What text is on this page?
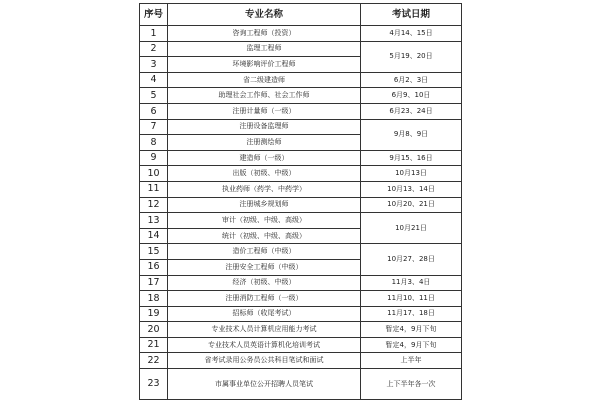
序号	专业名称	考试日期
1	咨询工程师（投资）	4月14、15日
2	监理工程师	5月19、20日
3	环境影响评价工程师	
4	省二级建造师	6月2、3日
5	助理社会工作师、社会工作师	6月9、10日
6	注册计量师（一级）	6月23、24日
7	注册设备监理师	9月8、9日
8	注册测绘师	
9	建造师（一级）	9月15、16日
10	出版（初级、中级）	10月13日
11	执业药师（药学、中药学）	10月13、14日
12	注册城乡规划师	10月20、21日
13	审计（初级、中级、高级）	10月21日
14	统计（初级、中级、高级）	
15	造价工程师（中级）	10月27、28日
16	注册安全工程师（中级）	
17	经济（初级、中级）	11月3、4日
18	注册消防工程师（一级）	11月10、11日
19	招标师（收尾考试）	11月17、18日
20	专业技术人员计算机应用能力考试	暂定4，9月下旬
21	专业技术人员英语计算机化培训考试	暂定4，9月下旬
22	省考试录用公务员公共科目笔试和面试	上半年
23	市属事业单位公开招聘人员笔试	上下半年各一次
